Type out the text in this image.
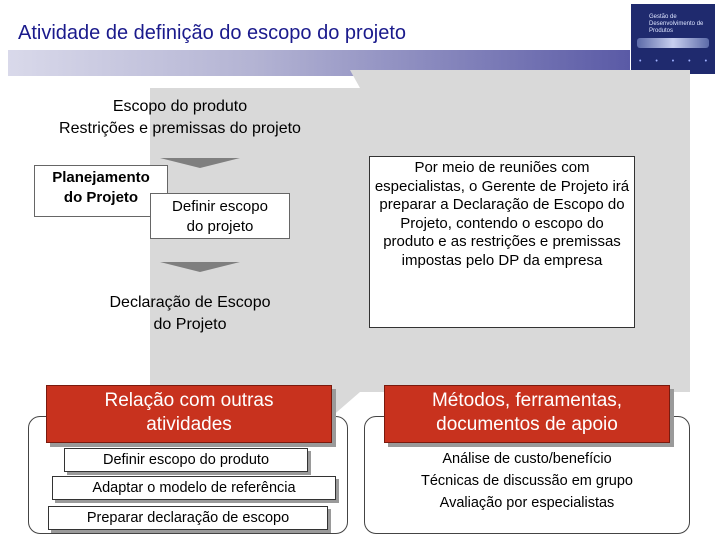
Atividade de definição do escopo do projeto
Gestão de
Desenvolvimento de Produtos
• • • • •
Escopo do produto
Restrições e premissas do projeto
Planejamento
do Projeto
Definir escopo
do projeto
Declaração de Escopo
do Projeto
Por meio de reuniões com especialistas, o Gerente de Projeto irá preparar a Declaração de Escopo do Projeto, contendo o escopo do produto e as restrições e premissas impostas pelo DP da empresa
Relação com outras
atividades
Definir escopo do produto
Adaptar o modelo de referência
Preparar declaração de escopo
Métodos, ferramentas,
documentos de apoio
Análise de custo/benefício
Técnicas de discussão em grupo
Avaliação por especialistas
